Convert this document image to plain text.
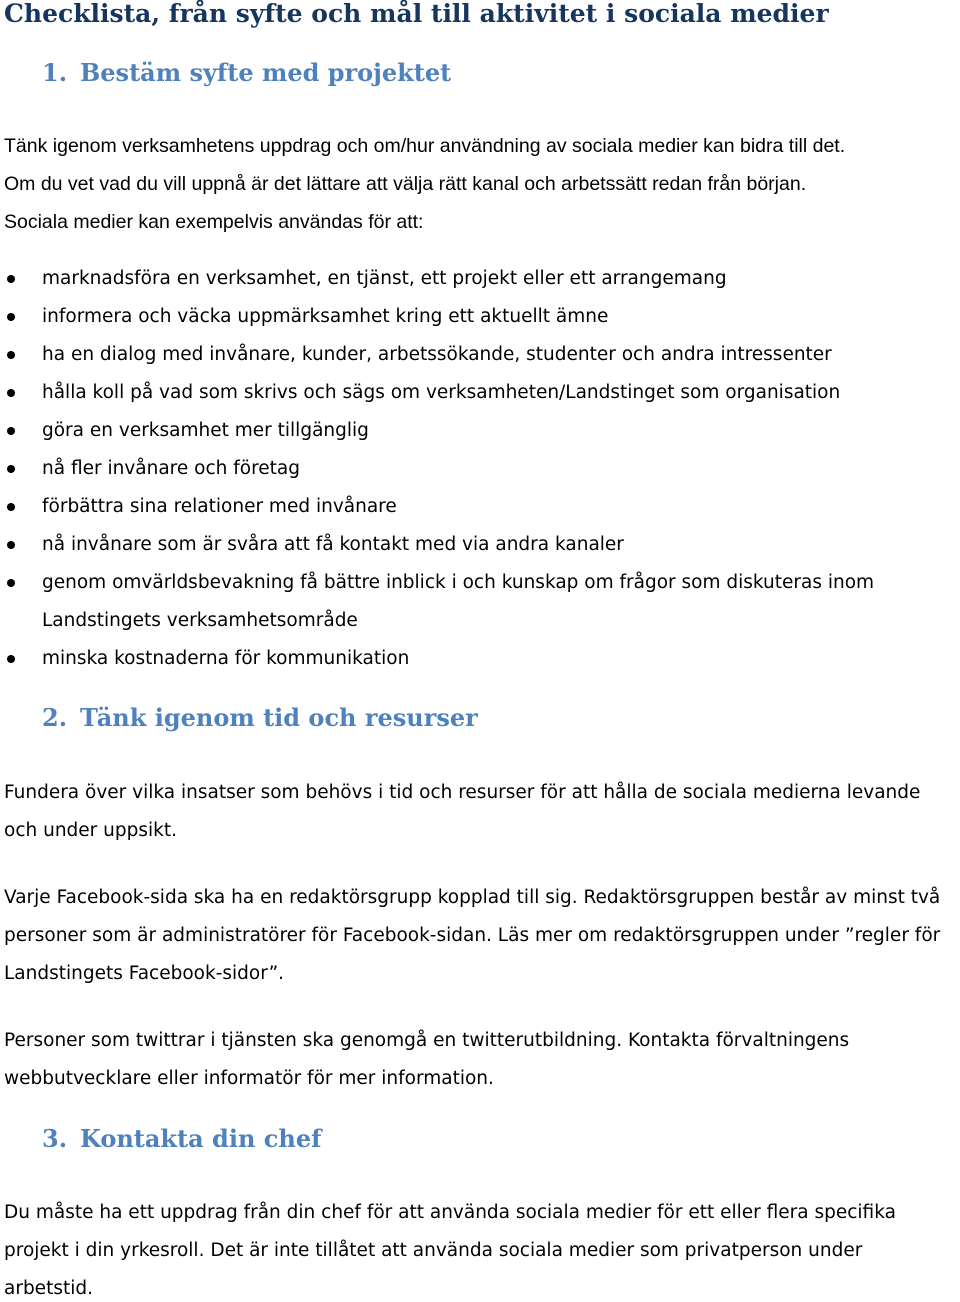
Checklista, från syfte och mål till aktivitet i sociala medier
1. Bestäm syfte med projektet

Tänk igenom verksamhetens uppdrag och om/hur användning av sociala medier kan bidra till det.

Om du vet vad du vill uppnå är det lättare att välja rätt kanal och arbetssätt redan från början.

Sociala medier kan exempelvis användas för att:

marknadsföra en verksamhet, en tjänst, ett projekt eller ett arrangemang
informera och väcka uppmärksamhet kring ett aktuellt ämne
ha en dialog med invånare, kunder, arbetssökande, studenter och andra intressenter
hålla koll på vad som skrivs och sägs om verksamheten/Landstinget som organisation
göra en verksamhet mer tillgänglig
nå fler invånare och företag
förbättra sina relationer med invånare
nå invånare som är svåra att få kontakt med via andra kanaler
genom omvärldsbevakning få bättre inblick i och kunskap om frågor som diskuteras inom
minska kostnaderna för kommunikation
Landstingets verksamhetsområde
2. Tänk igenom tid och resurser

Fundera över vilka insatser som behövs i tid och resurser för att hålla de sociala medierna levande

och under uppsikt.

Varje Facebook-sida ska ha en redaktörsgrupp kopplad till sig. Redaktörsgruppen består av minst två

personer som är administratörer för Facebook-sidan. Läs mer om redaktörsgruppen under ”regler för

Landstingets Facebook-sidor”.

Personer som twittrar i tjänsten ska genomgå en twitterutbildning. Kontakta förvaltningens

webbutvecklare eller informatör för mer information.

3. Kontakta din chef

Du måste ha ett uppdrag från din chef för att använda sociala medier för ett eller flera specifika

projekt i din yrkesroll. Det är inte tillåtet att använda sociala medier som privatperson under

arbetstid.
